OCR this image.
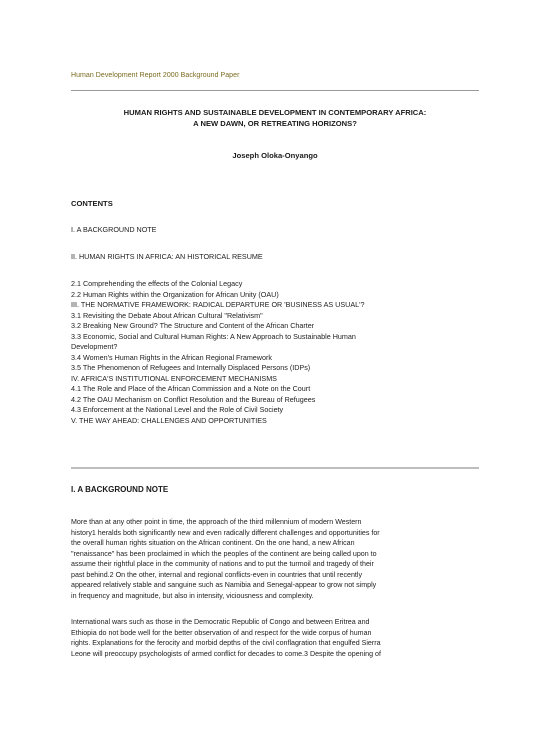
Human Development Report 2000 Background Paper
HUMAN RIGHTS AND SUSTAINABLE DEVELOPMENT IN CONTEMPORARY AFRICA:
A NEW DAWN, OR RETREATING HORIZONS?
Joseph Oloka-Onyango
CONTENTS
I. A BACKGROUND NOTE
II. HUMAN RIGHTS IN AFRICA: AN HISTORICAL RESUME
2.1 Comprehending the effects of the Colonial Legacy
2.2 Human Rights within the Organization for African Unity (OAU)
III. THE NORMATIVE FRAMEWORK: RADICAL DEPARTURE OR 'BUSINESS AS USUAL'?
3.1 Revisiting the Debate About African Cultural "Relativism"
3.2 Breaking New Ground? The Structure and Content of the African Charter
3.3 Economic, Social and Cultural Human Rights: A New Approach to Sustainable Human
Development?
3.4 Women's Human Rights in the African Regional Framework
3.5 The Phenomenon of Refugees and Internally Displaced Persons (IDPs)
IV. AFRICA'S INSTITUTIONAL ENFORCEMENT MECHANISMS
4.1 The Role and Place of the African Commission and a Note on the Court
4.2 The OAU Mechanism on Conflict Resolution and the Bureau of Refugees
4.3 Enforcement at the National Level and the Role of Civil Society
V. THE WAY AHEAD: CHALLENGES AND OPPORTUNITIES
I. A BACKGROUND NOTE
More than at any other point in time, the approach of the third millennium of modern Western
history1 heralds both significantly new and even radically different challenges and opportunities for
the overall human rights situation on the African continent. On the one hand, a new African
"renaissance" has been proclaimed in which the peoples of the continent are being called upon to
assume their rightful place in the community of nations and to put the turmoil and tragedy of their
past behind.2 On the other, internal and regional conflicts-even in countries that until recently
appeared relatively stable and sanguine such as Namibia and Senegal-appear to grow not simply
in frequency and magnitude, but also in intensity, viciousness and complexity.
International wars such as those in the Democratic Republic of Congo and between Eritrea and
Ethiopia do not bode well for the better observation of and respect for the wide corpus of human
rights. Explanations for the ferocity and morbid depths of the civil conflagration that engulfed Sierra
Leone will preoccupy psychologists of armed conflict for decades to come.3 Despite the opening of
